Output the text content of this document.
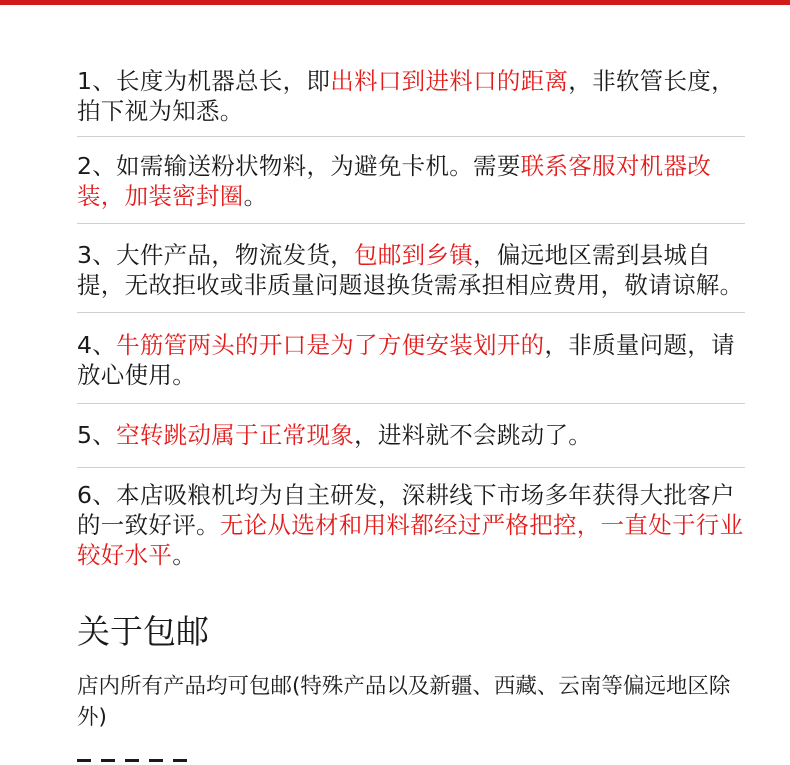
1、长度为机器总长，即出料口到进料口的距离，非软管长度，拍下视为知悉。
2、如需输送粉状物料，为避免卡机。需要联系客服对机器改装，加装密封圈。
3、大件产品，物流发货，包邮到乡镇，偏远地区需到县城自提，无故拒收或非质量问题退换货需承担相应费用，敬请谅解。
4、牛筋管两头的开口是为了方便安装划开的，非质量问题，请放心使用。
5、空转跳动属于正常现象，进料就不会跳动了。
6、本店吸粮机均为自主研发，深耕线下市场多年获得大批客户的一致好评。无论从选材和用料都经过严格把控，一直处于行业较好水平。
关于包邮
店内所有产品均可包邮(特殊产品以及新疆、西藏、云南等偏远地区除外)
